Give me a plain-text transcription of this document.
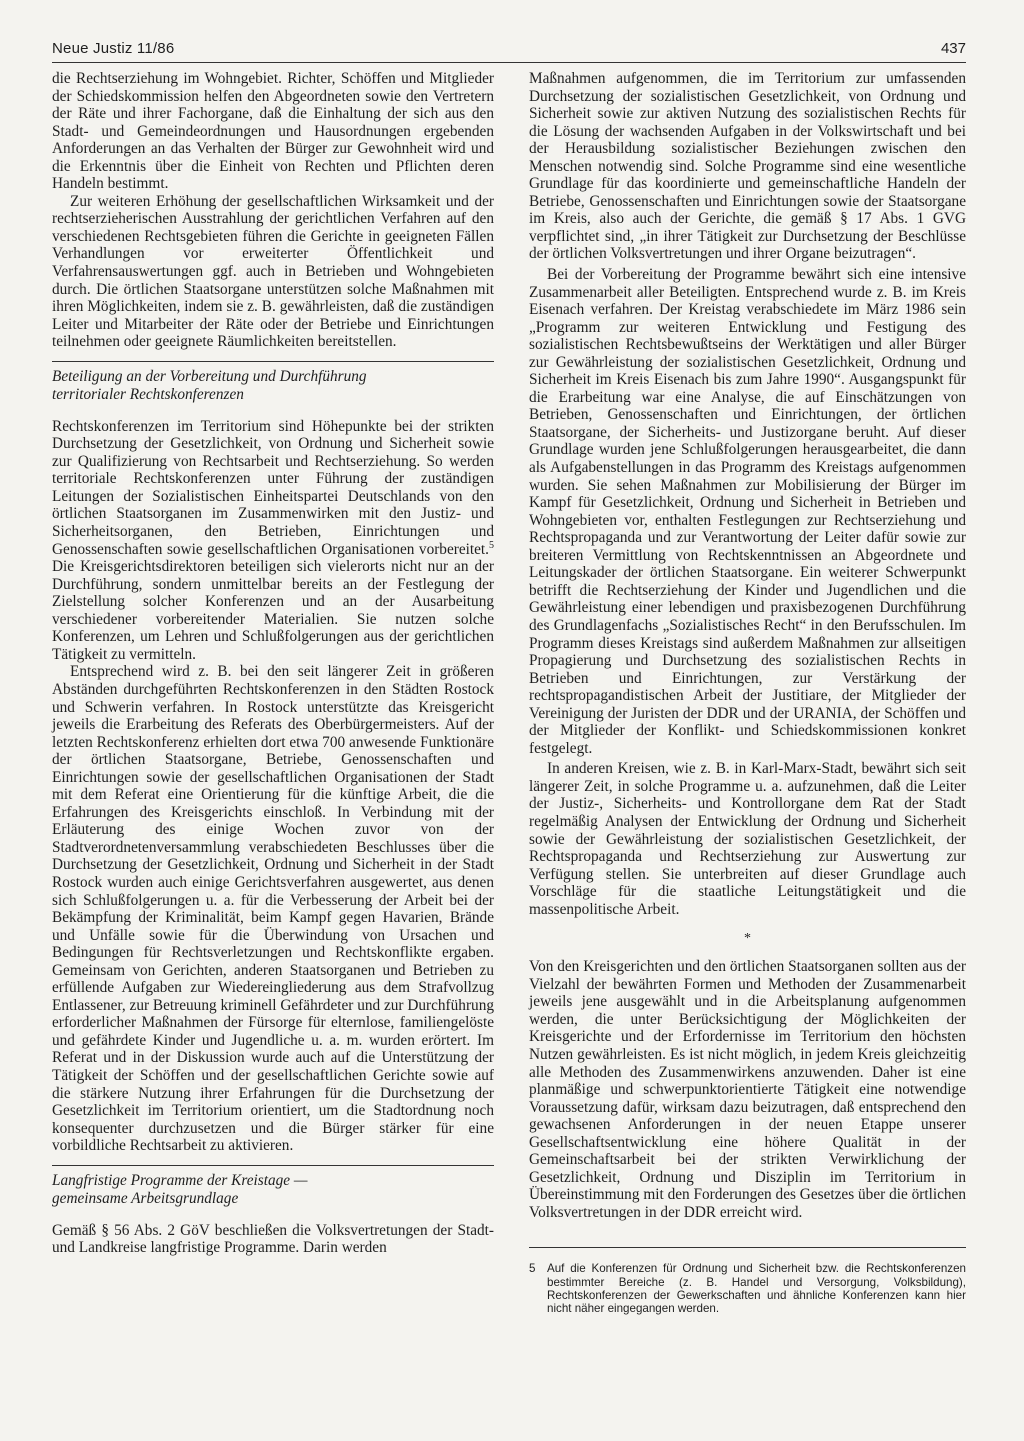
Neue Justiz 11/86	437

die Rechtserziehung im Wohngebiet. Richter, Schöffen und Mitglieder der Schiedskommission helfen den Abgeordneten sowie den Vertretern der Räte und ihrer Fachorgane, daß die Einhaltung der sich aus den Stadt- und Gemeindeordnungen und Hausordnungen ergebenden Anforderungen an das Verhalten der Bürger zur Gewohnheit wird und die Erkenntnis über die Einheit von Rechten und Pflichten deren Handeln bestimmt.

Zur weiteren Erhöhung der gesellschaftlichen Wirksamkeit und der rechtserzieherischen Ausstrahlung der gerichtlichen Verfahren auf den verschiedenen Rechtsgebieten führen die Gerichte in geeigneten Fällen Verhandlungen vor erweiterter Öffentlichkeit und Verfahrensauswertungen ggf. auch in Betrieben und Wohngebieten durch. Die örtlichen Staatsorgane unterstützen solche Maßnahmen mit ihren Möglichkeiten, indem sie z. B. gewährleisten, daß die zuständigen Leiter und Mitarbeiter der Räte oder der Betriebe und Einrichtungen teilnehmen oder geeignete Räumlichkeiten bereitstellen.

Beteiligung an der Vorbereitung und Durchführung
territorialer Rechtskonferenzen

Rechtskonferenzen im Territorium sind Höhepunkte bei der strikten Durchsetzung der Gesetzlichkeit, von Ordnung und Sicherheit sowie zur Qualifizierung von Rechtsarbeit und Rechtserziehung. So werden territoriale Rechtskonferenzen unter Führung der zuständigen Leitungen der Sozialistischen Einheitspartei Deutschlands von den örtlichen Staatsorganen im Zusammenwirken mit den Justiz- und Sicherheitsorganen, den Betrieben, Einrichtungen und Genossenschaften sowie gesellschaftlichen Organisationen vorbereitet.$^5$ Die Kreisgerichtsdirektoren beteiligen sich vielerorts nicht nur an der Durchführung, sondern unmittelbar bereits an der Festlegung der Zielstellung solcher Konferenzen und an der Ausarbeitung verschiedener vorbereitender Materialien. Sie nutzen solche Konferenzen, um Lehren und Schlußfolgerungen aus der gerichtlichen Tätigkeit zu vermitteln.

Entsprechend wird z. B. bei den seit längerer Zeit in größeren Abständen durchgeführten Rechtskonferenzen in den Städten Rostock und Schwerin verfahren. In Rostock unterstützte das Kreisgericht jeweils die Erarbeitung des Referats des Oberbürgermeisters. Auf der letzten Rechtskonferenz erhielten dort etwa 700 anwesende Funktionäre der örtlichen Staatsorgane, Betriebe, Genossenschaften und Einrichtungen sowie der gesellschaftlichen Organisationen der Stadt mit dem Referat eine Orientierung für die künftige Arbeit, die die Erfahrungen des Kreisgerichts einschloß. In Verbindung mit der Erläuterung des einige Wochen zuvor von der Stadtverordnetenversammlung verabschiedeten Beschlusses über die Durchsetzung der Gesetzlichkeit, Ordnung und Sicherheit in der Stadt Rostock wurden auch einige Gerichtsverfahren ausgewertet, aus denen sich Schlußfolgerungen u. a. für die Verbesserung der Arbeit bei der Bekämpfung der Kriminalität, beim Kampf gegen Havarien, Brände und Unfälle sowie für die Überwindung von Ursachen und Bedingungen für Rechtsverletzungen und Rechtskonflikte ergaben. Gemeinsam von Gerichten, anderen Staatsorganen und Betrieben zu erfüllende Aufgaben zur Wiedereingliederung aus dem Strafvollzug Entlassener, zur Betreuung kriminell Gefährdeter und zur Durchführung erforderlicher Maßnahmen der Fürsorge für elternlose, familiengelöste und gefährdete Kinder und Jugendliche u. a. m. wurden erörtert. Im Referat und in der Diskussion wurde auch auf die Unterstützung der Tätigkeit der Schöffen und der gesellschaftlichen Gerichte sowie auf die stärkere Nutzung ihrer Erfahrungen für die Durchsetzung der Gesetzlichkeit im Territorium orientiert, um die Stadtordnung noch konsequenter durchzusetzen und die Bürger stärker für eine vorbildliche Rechtsarbeit zu aktivieren.

Langfristige Programme der Kreistage —
gemeinsame Arbeitsgrundlage

Gemäß § 56 Abs. 2 GöV beschließen die Volksvertretungen der Stadt- und Landkreise langfristige Programme. Darin werden

Maßnahmen aufgenommen, die im Territorium zur umfassenden Durchsetzung der sozialistischen Gesetzlichkeit, von Ordnung und Sicherheit sowie zur aktiven Nutzung des sozialistischen Rechts für die Lösung der wachsenden Aufgaben in der Volkswirtschaft und bei der Herausbildung sozialistischer Beziehungen zwischen den Menschen notwendig sind. Solche Programme sind eine wesentliche Grundlage für das koordinierte und gemeinschaftliche Handeln der Betriebe, Genossenschaften und Einrichtungen sowie der Staatsorgane im Kreis, also auch der Gerichte, die gemäß § 17 Abs. 1 GVG verpflichtet sind, „in ihrer Tätigkeit zur Durchsetzung der Beschlüsse der örtlichen Volksvertretungen und ihrer Organe beizutragen“.

Bei der Vorbereitung der Programme bewährt sich eine intensive Zusammenarbeit aller Beteiligten. Entsprechend wurde z. B. im Kreis Eisenach verfahren. Der Kreistag verabschiedete im März 1986 sein „Programm zur weiteren Entwicklung und Festigung des sozialistischen Rechtsbewußtseins der Werktätigen und aller Bürger zur Gewährleistung der sozialistischen Gesetzlichkeit, Ordnung und Sicherheit im Kreis Eisenach bis zum Jahre 1990“. Ausgangspunkt für die Erarbeitung war eine Analyse, die auf Einschätzungen von Betrieben, Genossenschaften und Einrichtungen, der örtlichen Staatsorgane, der Sicherheits- und Justizorgane beruht. Auf dieser Grundlage wurden jene Schlußfolgerungen herausgearbeitet, die dann als Aufgabenstellungen in das Programm des Kreistags aufgenommen wurden. Sie sehen Maßnahmen zur Mobilisierung der Bürger im Kampf für Gesetzlichkeit, Ordnung und Sicherheit in Betrieben und Wohngebieten vor, enthalten Festlegungen zur Rechtserziehung und Rechtspropaganda und zur Verantwortung der Leiter dafür sowie zur breiteren Vermittlung von Rechtskenntnissen an Abgeordnete und Leitungskader der örtlichen Staatsorgane. Ein weiterer Schwerpunkt betrifft die Rechtserziehung der Kinder und Jugendlichen und die Gewährleistung einer lebendigen und praxisbezogenen Durchführung des Grundlagenfachs „Sozialistisches Recht“ in den Berufsschulen. Im Programm dieses Kreistags sind außerdem Maßnahmen zur allseitigen Propagierung und Durchsetzung des sozialistischen Rechts in Betrieben und Einrichtungen, zur Verstärkung der rechtspropagandistischen Arbeit der Justitiare, der Mitglieder der Vereinigung der Juristen der DDR und der URANIA, der Schöffen und der Mitglieder der Konflikt- und Schiedskommissionen konkret festgelegt.

In anderen Kreisen, wie z. B. in Karl-Marx-Stadt, bewährt sich seit längerer Zeit, in solche Programme u. a. aufzunehmen, daß die Leiter der Justiz-, Sicherheits- und Kontrollorgane dem Rat der Stadt regelmäßig Analysen der Entwicklung der Ordnung und Sicherheit sowie der Gewährleistung der sozialistischen Gesetzlichkeit, der Rechtspropaganda und Rechtserziehung zur Auswertung zur Verfügung stellen. Sie unterbreiten auf dieser Grundlage auch Vorschläge für die staatliche Leitungstätigkeit und die massenpolitische Arbeit.

*

Von den Kreisgerichten und den örtlichen Staatsorganen sollten aus der Vielzahl der bewährten Formen und Methoden der Zusammenarbeit jeweils jene ausgewählt und in die Arbeitsplanung aufgenommen werden, die unter Berücksichtigung der Möglichkeiten der Kreisgerichte und der Erfordernisse im Territorium den höchsten Nutzen gewährleisten. Es ist nicht möglich, in jedem Kreis gleichzeitig alle Methoden des Zusammenwirkens anzuwenden. Daher ist eine planmäßige und schwerpunktorientierte Tätigkeit eine notwendige Voraussetzung dafür, wirksam dazu beizutragen, daß entsprechend den gewachsenen Anforderungen in der neuen Etappe unserer Gesellschaftsentwicklung eine höhere Qualität in der Gemeinschaftsarbeit bei der strikten Verwirklichung der Gesetzlichkeit, Ordnung und Disziplin im Territorium in Übereinstimmung mit den Forderungen des Gesetzes über die örtlichen Volksvertretungen in der DDR erreicht wird.

5 Auf die Konferenzen für Ordnung und Sicherheit bzw. die Rechtskonferenzen bestimmter Bereiche (z. B. Handel und Versorgung, Volksbildung), Rechtskonferenzen der Gewerkschaften und ähnliche Konferenzen kann hier nicht näher eingegangen werden.
